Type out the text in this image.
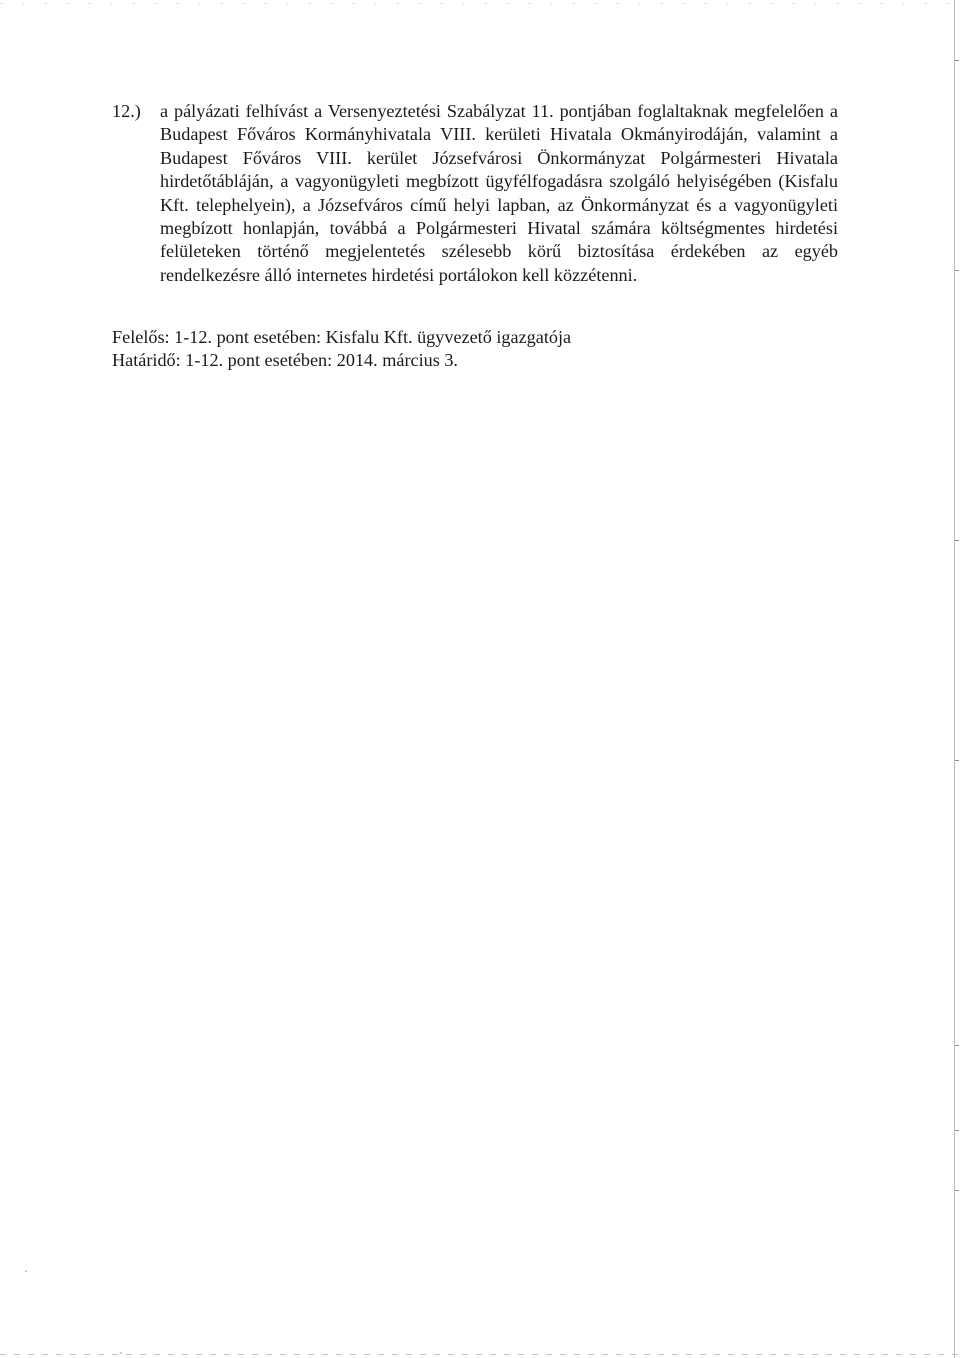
12.)	a pályázati felhívást a Versenyeztetési Szabályzat 11. pontjában foglaltaknak megfelelően a Budapest Főváros Kormányhivatala VIII. kerületi Hivatala Okmányirodáján, valamint a Budapest Főváros VIII. kerület Józsefvárosi Önkormányzat Polgármesteri Hivatala hirdetőtábláján, a vagyonügyleti megbízott ügyfélfogadásra szolgáló helyiségében (Kisfalu Kft. telephelyein), a Józsefváros című helyi lapban, az Önkormányzat és a vagyonügyleti megbízott honlapján, továbbá a Polgármesteri Hivatal számára költségmentes hirdetési felületeken történő megjelentetés szélesebb körű biztosítása érdekében az egyéb rendelkezésre álló internetes hirdetési portálokon kell közzétenni.
Felelős: 1-12. pont esetében: Kisfalu Kft. ügyvezető igazgatója
Határidő: 1-12. pont esetében: 2014. március 3.
